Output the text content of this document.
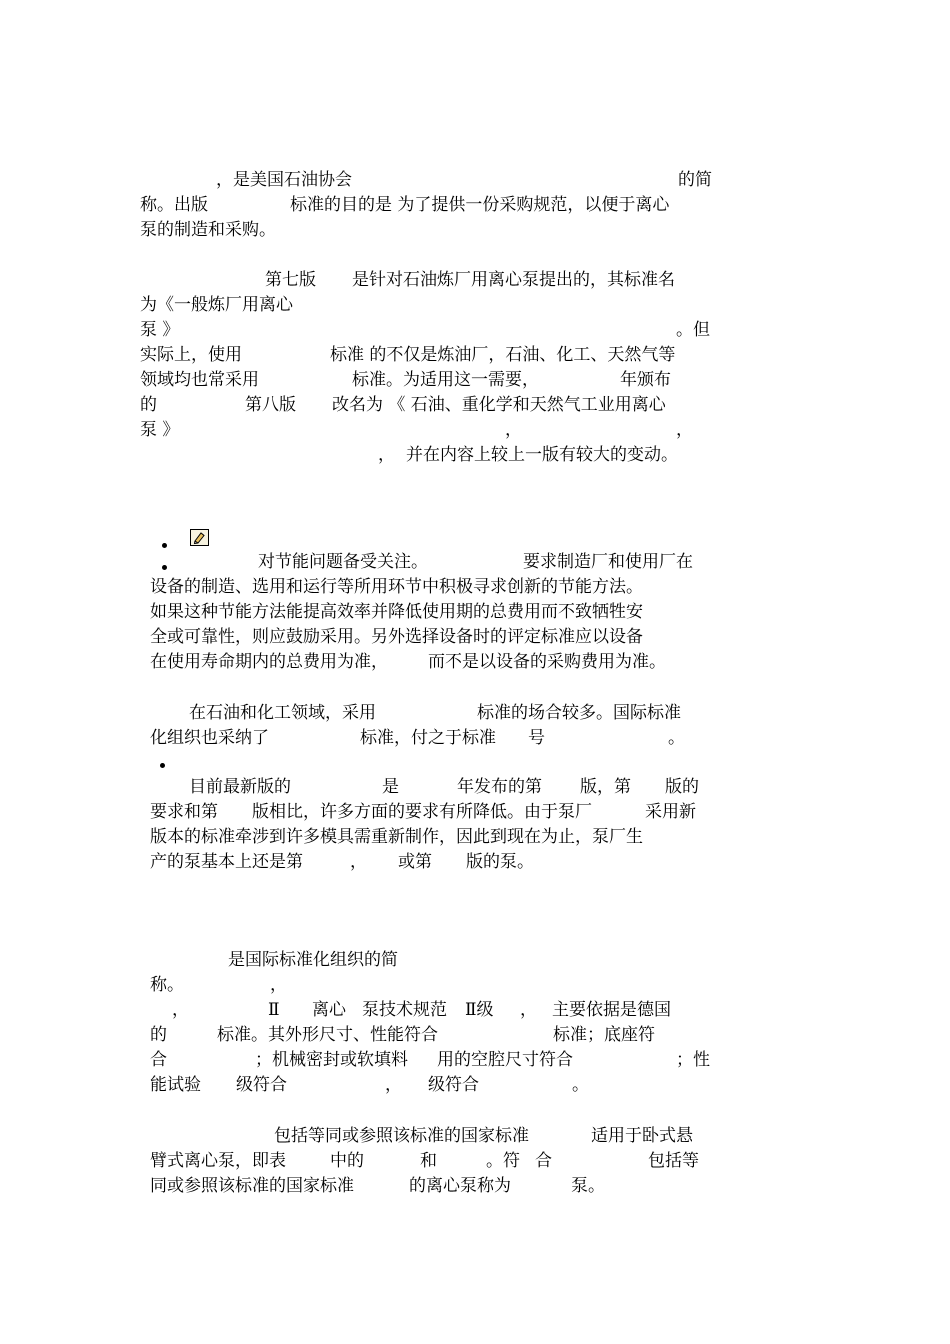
，是美国石油协会	的简
称。出版	标准的目的是 为了提供一份采购规范，以便于离心
泵的制造和采购。
第七版 是针对石油炼厂用离心泵提出的，其标准名
为《一般炼厂用离心
泵 》	。但
实际上，使用	标准 的不仅是炼油厂，石油、化工、天然气等
领域均也常采用	标准。为适用这一需要，	年颁布
的	第八版 改名为 《 石油、重化学和天然气工业用离心
泵 》	，	，
， 并在内容上较上一版有较大的变动。
对节能问题备受关注。	要求制造厂和使用厂在
设备的制造、选用和运行等所用环节中积极寻求创新的节能方法。
如果这种节能方法能提高效率并降低使用期的总费用而不致牺牲安
全或可靠性，则应鼓励采用。另外选择设备时的评定标准应以设备
在使用寿命期内的总费用为准， 而不是以设备的采购费用为准。
在石油和化工领域，采用	标准的场合较多。国际标准
化组织也采纳了	标准，付之于标准 号	。
目前最新版的	是	年发布的第 版，第 版的
要求和第 版相比，许多方面的要求有所降低。由于泵厂	采用新
版本的标准牵涉到许多模具需重新制作，因此到现在为止，泵厂生
产的泵基本上还是第	， 或第 版的泵。
是国际标准化组织的简
称。	，
，	Ⅱ 离心 泵技术规范 Ⅱ级 ， 主要依据是德国
的	标准。其外形尺寸、性能符合	标准；底座符
合	；机械密封或软填料 用的空腔尺寸符合	；性
能试验 级符合	， 级符合	。
包括等同或参照该标准的国家标准	适用于卧式悬
臂式离心泵，即表	中的	和	。符 合	包括等
同或参照该标准的国家标准	的离心泵称为	泵。
